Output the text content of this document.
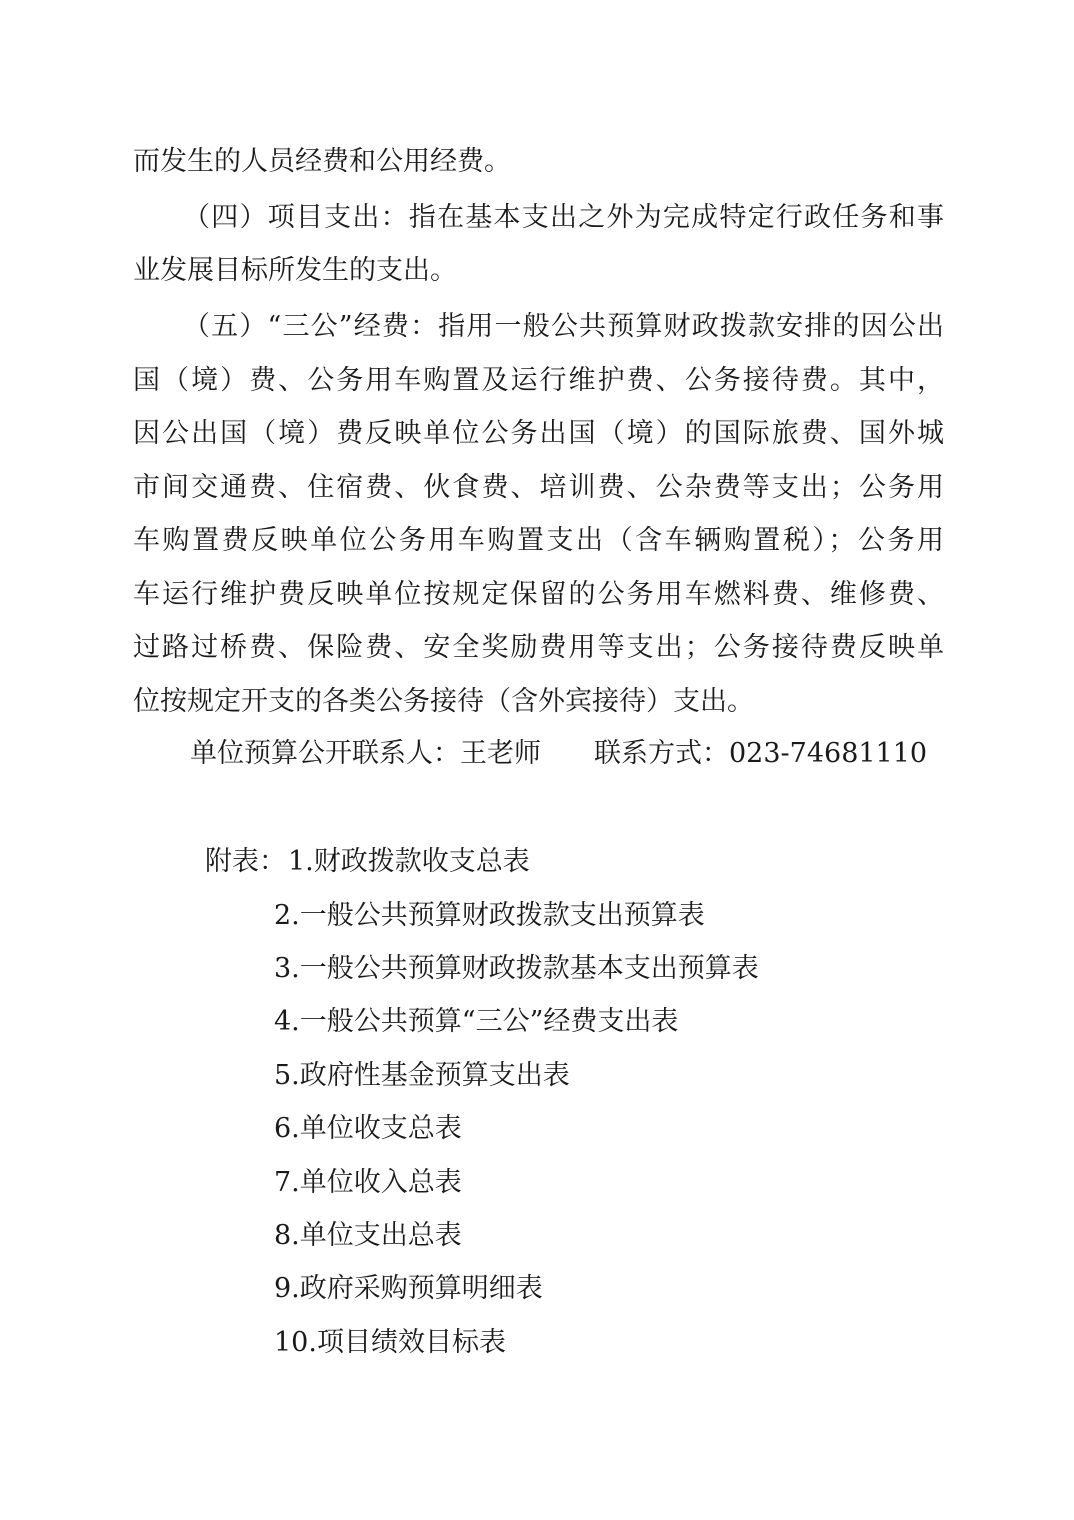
而发生的人员经费和公用经费。
（四）项目支出：指在基本支出之外为完成特定行政任务和事
业发展目标所发生的支出。
（五）“三公”经费：指用一般公共预算财政拨款安排的因公出
国（境）费、公务用车购置及运行维护费、公务接待费。其中，
因公出国（境）费反映单位公务出国（境）的国际旅费、国外城
市间交通费、住宿费、伙食费、培训费、公杂费等支出；公务用
车购置费反映单位公务用车购置支出（含车辆购置税）；公务用
车运行维护费反映单位按规定保留的公务用车燃料费、维修费、
过路过桥费、保险费、安全奖励费用等支出；公务接待费反映单
位按规定开支的各类公务接待（含外宾接待）支出。
单位预算公开联系人：王老师 联系方式：023-74681110
附表： 1.财政拨款收支总表
2.一般公共预算财政拨款支出预算表
3.一般公共预算财政拨款基本支出预算表
4.一般公共预算“三公”经费支出表
5.政府性基金预算支出表
6.单位收支总表
7.单位收入总表
8.单位支出总表
9.政府采购预算明细表
10.项目绩效目标表
